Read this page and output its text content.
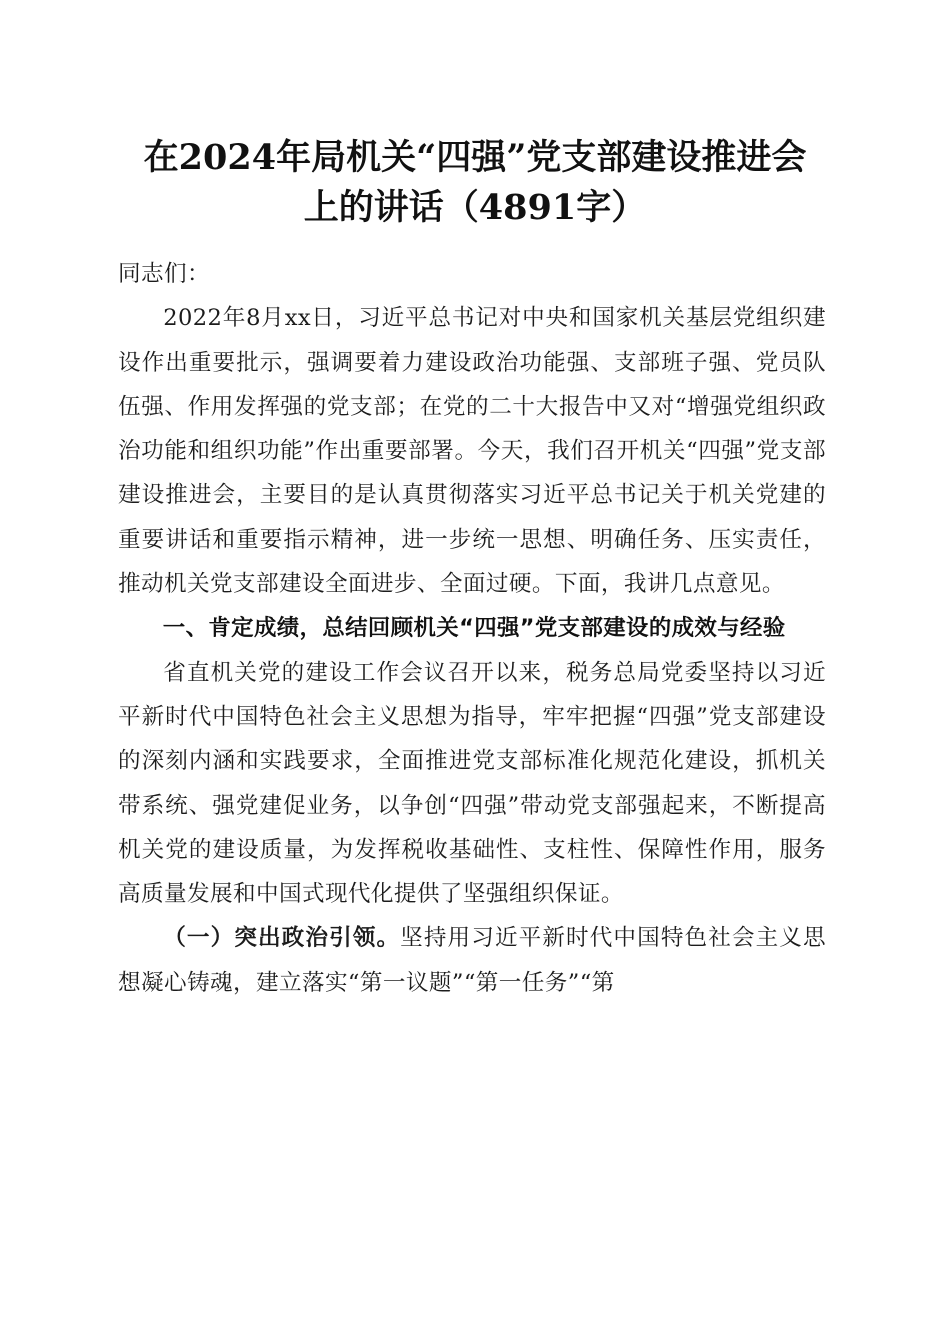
在2024年局机关“四强”党支部建设推进会
上的讲话（4891字）

同志们：

2022年8月xx日，习近平总书记对中央和国家机关基层党组织建设作出重要批示，强调要着力建设政治功能强、支部班子强、党员队伍强、作用发挥强的党支部；在党的二十大报告中又对“增强党组织政治功能和组织功能”作出重要部署。今天，我们召开机关“四强”党支部建设推进会，主要目的是认真贯彻落实习近平总书记关于机关党建的重要讲话和重要指示精神，进一步统一思想、明确任务、压实责任，推动机关党支部建设全面进步、全面过硬。下面，我讲几点意见。

一、肯定成绩，总结回顾机关“四强”党支部建设的成效与经验

省直机关党的建设工作会议召开以来，税务总局党委坚持以习近平新时代中国特色社会主义思想为指导，牢牢把握“四强”党支部建设的深刻内涵和实践要求，全面推进党支部标准化规范化建设，抓机关带系统、强党建促业务，以争创“四强”带动党支部强起来，不断提高机关党的建设质量，为发挥税收基础性、支柱性、保障性作用，服务高质量发展和中国式现代化提供了坚强组织保证。

（一）突出政治引领。坚持用习近平新时代中国特色社会主义思想凝心铸魂，建立落实“第一议题”“第一任务”“第
